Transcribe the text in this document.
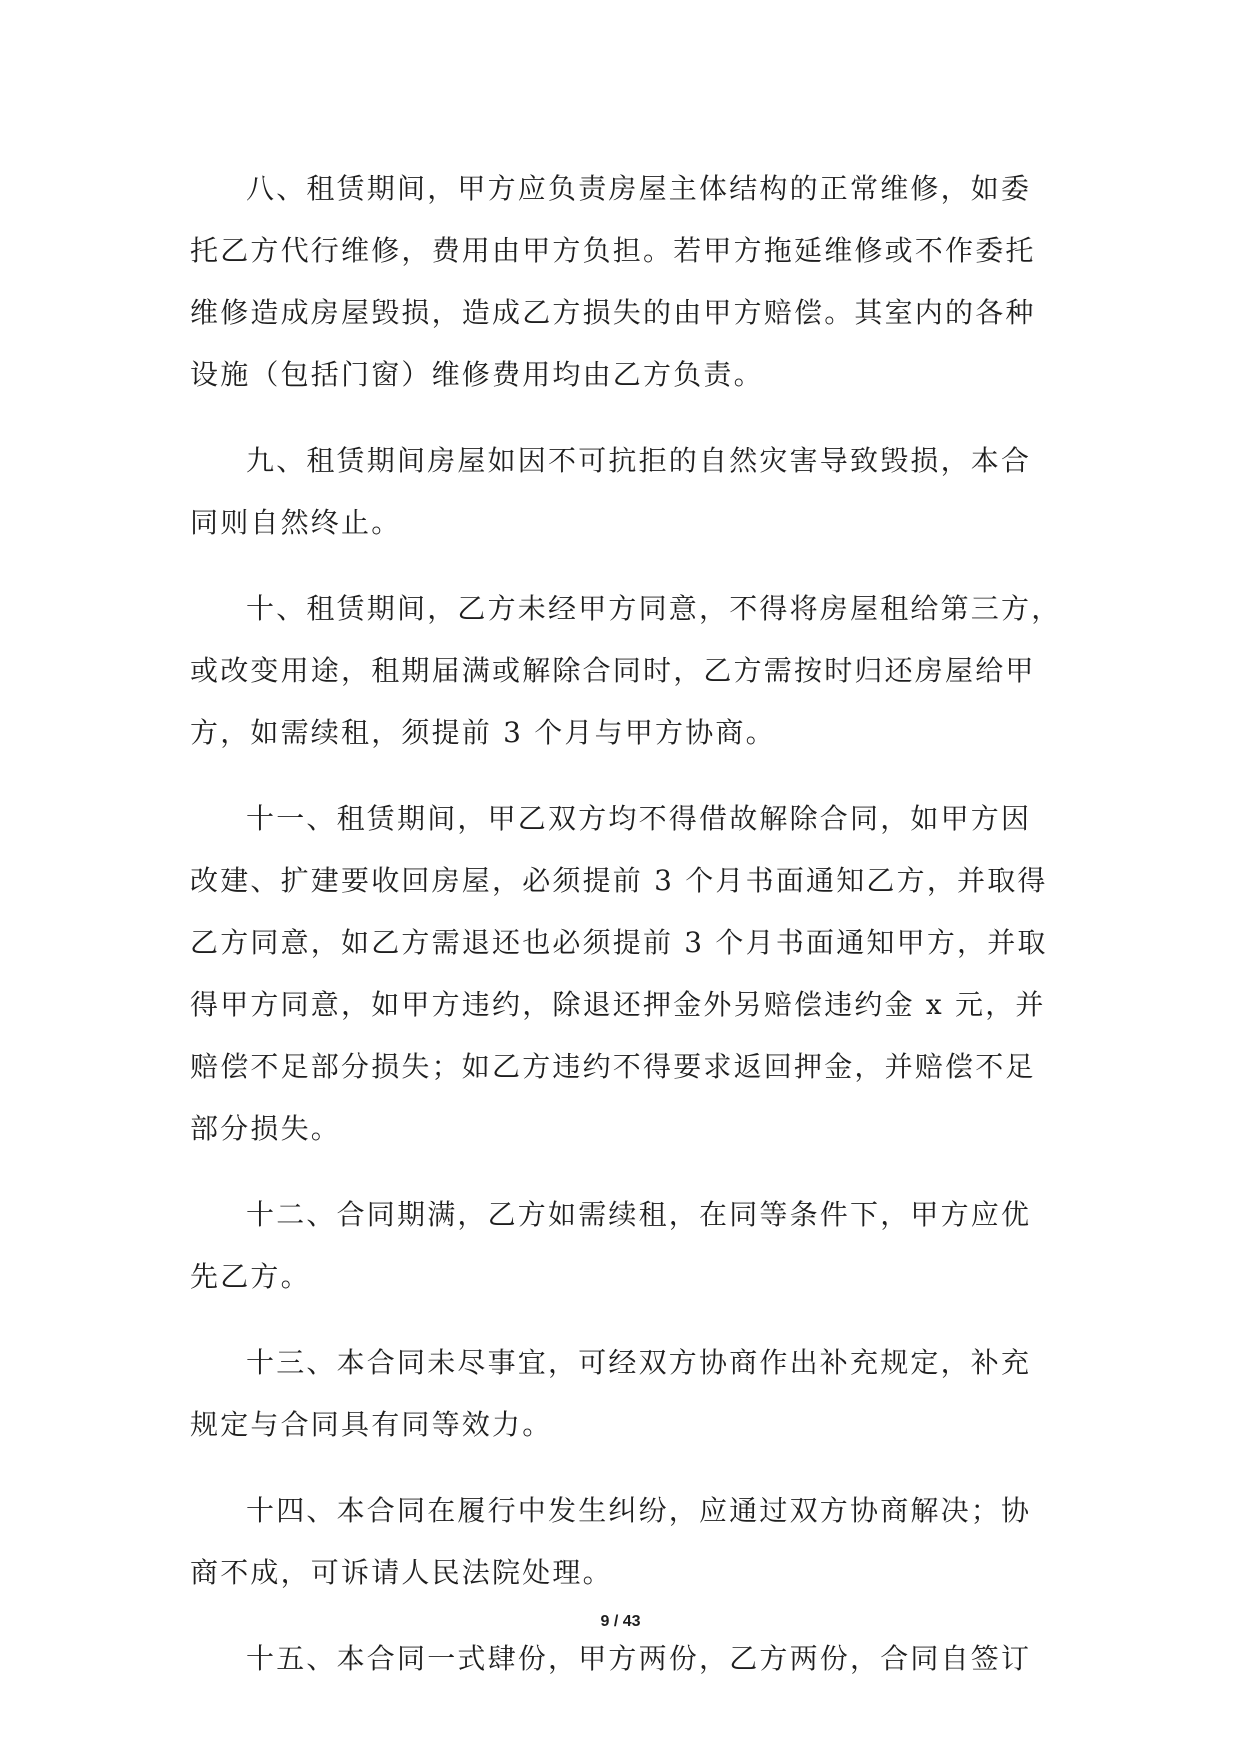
八、租赁期间，甲方应负责房屋主体结构的正常维修，如委
托乙方代行维修，费用由甲方负担。若甲方拖延维修或不作委托
维修造成房屋毁损，造成乙方损失的由甲方赔偿。其室内的各种
设施（包括门窗）维修费用均由乙方负责。
九、租赁期间房屋如因不可抗拒的自然灾害导致毁损，本合
同则自然终止。
十、租赁期间，乙方未经甲方同意，不得将房屋租给第三方，
或改变用途，租期届满或解除合同时，乙方需按时归还房屋给甲
方，如需续租，须提前 3 个月与甲方协商。
十一、租赁期间，甲乙双方均不得借故解除合同，如甲方因
改建、扩建要收回房屋，必须提前 3 个月书面通知乙方，并取得
乙方同意，如乙方需退还也必须提前 3 个月书面通知甲方，并取
得甲方同意，如甲方违约，除退还押金外另赔偿违约金 x 元，并
赔偿不足部分损失；如乙方违约不得要求返回押金，并赔偿不足
部分损失。
十二、合同期满，乙方如需续租，在同等条件下，甲方应优
先乙方。
十三、本合同未尽事宜，可经双方协商作出补充规定，补充
规定与合同具有同等效力。
十四、本合同在履行中发生纠纷，应通过双方协商解决；协
商不成，可诉请人民法院处理。
十五、本合同一式肆份，甲方两份，乙方两份，合同自签订
9 / 43
